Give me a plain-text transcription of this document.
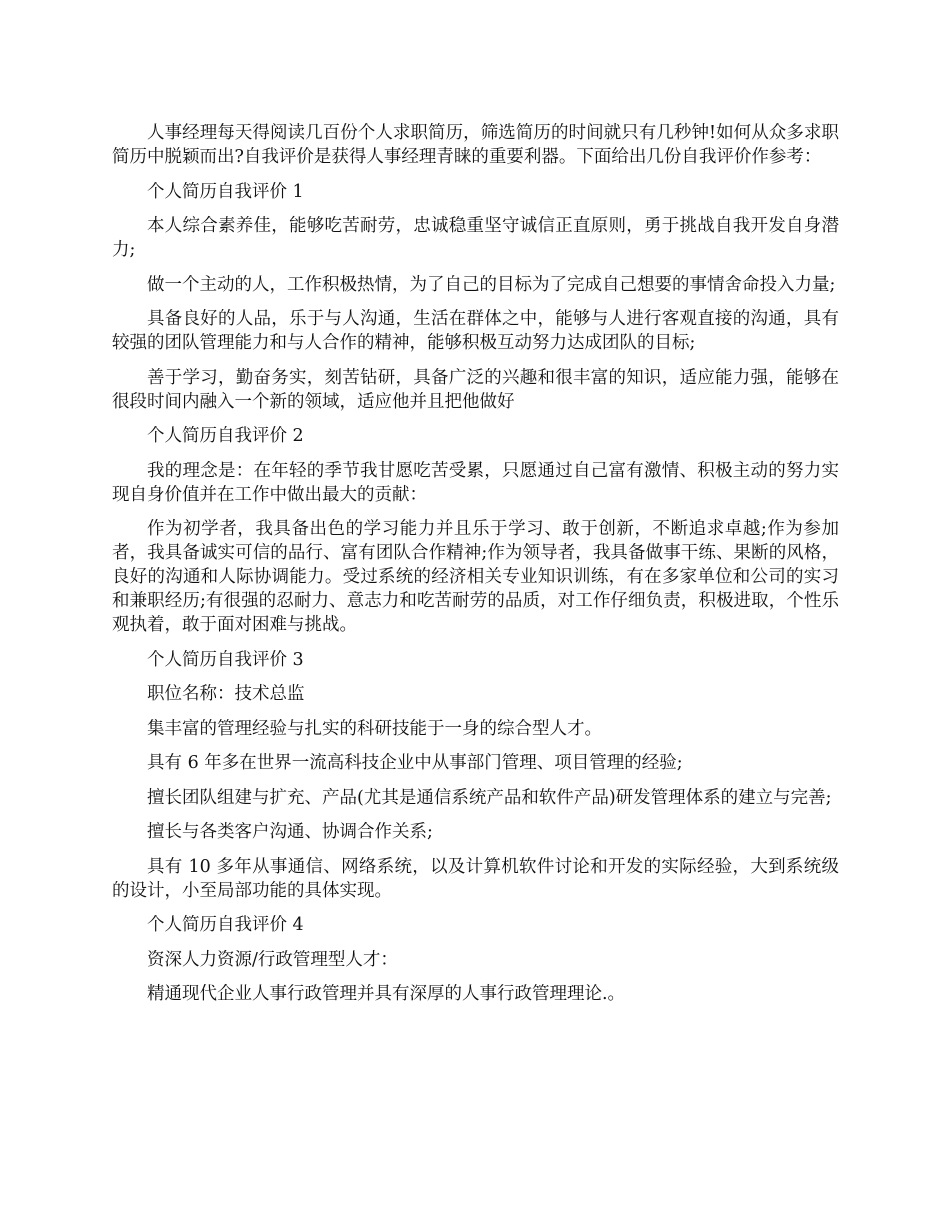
人事经理每天得阅读几百份个人求职简历，筛选简历的时间就只有几秒钟!如何从众多求职简历中脱颖而出?自我评价是获得人事经理青睐的重要利器。下面给出几份自我评价作参考：

个人简历自我评价 1

本人综合素养佳，能够吃苦耐劳，忠诚稳重坚守诚信正直原则，勇于挑战自我开发自身潜力;

做一个主动的人，工作积极热情，为了自己的目标为了完成自己想要的事情舍命投入力量;

具备良好的人品，乐于与人沟通，生活在群体之中，能够与人进行客观直接的沟通，具有较强的团队管理能力和与人合作的精神，能够积极互动努力达成团队的目标;

善于学习，勤奋务实，刻苦钻研，具备广泛的兴趣和很丰富的知识，适应能力强，能够在很段时间内融入一个新的领域，适应他并且把他做好

个人简历自我评价 2

我的理念是：在年轻的季节我甘愿吃苦受累，只愿通过自己富有激情、积极主动的努力实现自身价值并在工作中做出最大的贡献：

作为初学者，我具备出色的学习能力并且乐于学习、敢于创新，不断追求卓越;作为参加者，我具备诚实可信的品行、富有团队合作精神;作为领导者，我具备做事干练、果断的风格，良好的沟通和人际协调能力。受过系统的经济相关专业知识训练，有在多家单位和公司的实习和兼职经历;有很强的忍耐力、意志力和吃苦耐劳的品质，对工作仔细负责，积极进取，个性乐观执着，敢于面对困难与挑战。

个人简历自我评价 3

职位名称：技术总监

集丰富的管理经验与扎实的科研技能于一身的综合型人才。

具有 6 年多在世界一流高科技企业中从事部门管理、项目管理的经验;

擅长团队组建与扩充、产品(尤其是通信系统产品和软件产品)研发管理体系的建立与完善;

擅长与各类客户沟通、协调合作关系;

具有 10 多年从事通信、网络系统，以及计算机软件讨论和开发的实际经验，大到系统级的设计，小至局部功能的具体实现。

个人简历自我评价 4

资深人力资源/行政管理型人才：

精通现代企业人事行政管理并具有深厚的人事行政管理理论.。
